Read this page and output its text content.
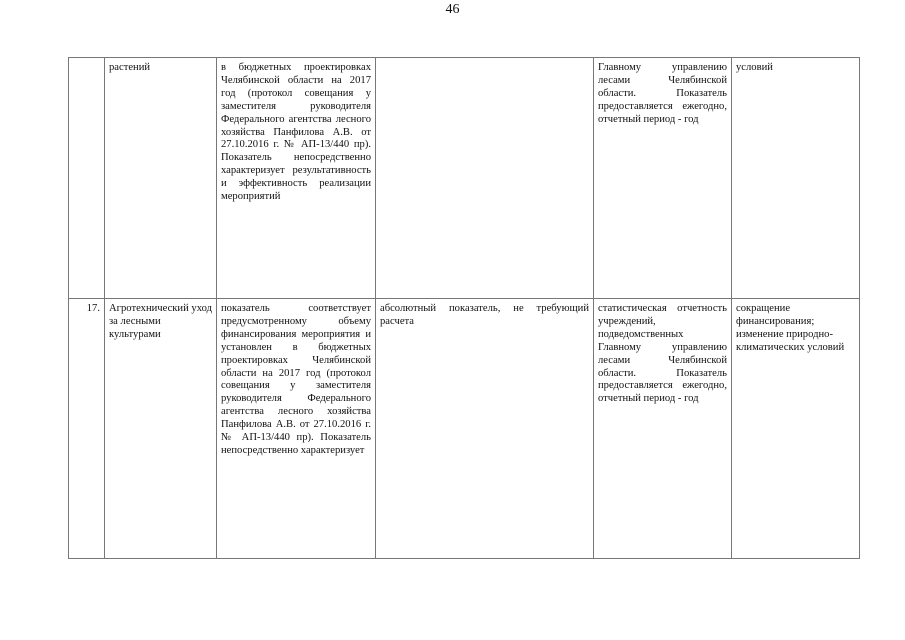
46
	растений	в бюджетных проектировках Челябинской области на 2017 год (протокол совещания у заместителя руководителя Федерального агентства лесного хозяйства Панфилова А.В. от 27.10.2016 г. № АП-13/440 пр). Показатель непосредственно характеризует результативность и эффективность реализации мероприятий		Главному управлению лесами Челябинской области. Показатель предоставляется ежегодно, отчетный период - год	условий
17.	Агротехнический уход за лесными культурами	показатель соответствует предусмотренному объему финансирования мероприятия и установлен в бюджетных проектировках Челябинской области на 2017 год (протокол совещания у заместителя руководителя Федерального агентства лесного хозяйства Панфилова А.В. от 27.10.2016 г. № АП-13/440 пр). Показатель непосредственно характеризует	абсолютный показатель, не требующий расчета	статистическая отчетность учреждений, подведомственных Главному управлению лесами Челябинской области. Показатель предоставляется ежегодно, отчетный период - год	сокращение финансирования; изменение природно-климатических условий
